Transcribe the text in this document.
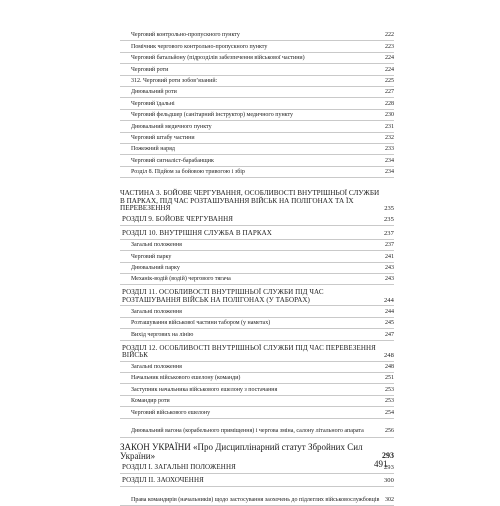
Черговий контрольно-пропускного пункту	222
Помічник чергового контрольно-пропускного пункту	223
Черговий батальйону (підрозділів забезпечення військової частини)	224
Черговий роти	224
312. Черговий роти зобов’язаний:	225
Днювальний роти	227
Черговий їдальні	228
Черговий фельдшер (санітарний інструктор) медичного пункту	230
Днювальний медичного пункту	231
Черговий штабу частини	232
Пожежний наряд	233
Черговий сигналіст-барабанщик	234
Розділ 8. Підйом за бойовою тривогою і збір	234
ЧАСТИНА 3. БОЙОВЕ ЧЕРГУВАННЯ, ОСОБЛИВОСТІ ВНУТРІШНЬОЇ СЛУЖБИ В ПАРКАХ, ПІД ЧАС РОЗТАШУВАННЯ ВІЙСЬК НА ПОЛІГОНАХ ТА ЇХ ПЕРЕВЕЗЕННЯ	235
РОЗДІЛ 9. БОЙОВЕ ЧЕРГУВАННЯ	235
РОЗДІЛ 10. ВНУТРІШНЯ СЛУЖБА В ПАРКАХ	237
Загальні положення	237
Черговий парку	241
Днювальний парку	243
Механік-водій (водій) чергового тягача	243
РОЗДІЛ 11. ОСОБЛИВОСТІ ВНУТРІШНЬОЇ СЛУЖБИ ПІД ЧАС РОЗТАШУВАННЯ ВІЙСЬК НА ПОЛІГОНАХ (У ТАБОРАХ)	244
Загальні положення	244
Розташування військової частини табором (у наметах)	245
Вихід чергових на лінію	247
РОЗДІЛ 12. ОСОБЛИВОСТІ ВНУТРІШНЬОЇ СЛУЖБИ ПІД ЧАС ПЕРЕВЕЗЕННЯ ВІЙСЬК	248
Загальні положення	248
Начальник військового ешелону (команди)	251
Заступник начальника військового ешелону з постачання	253
Командир роти	253
Черговий військового ешелону	254
Днювальний вагона (корабельного приміщення) і чергова зміна, салону літального апарата	256
ЗАКОН УКРАЇНИ «Про Дисциплінарний статут Збройних Сил України»	293
РОЗДІЛ I. ЗАГАЛЬНІ ПОЛОЖЕННЯ	293
РОЗДІЛ II. ЗАОХОЧЕННЯ	300
Права командирів (начальників) щодо застосування заохочень до підлеглих військовослужбовців 302
491
